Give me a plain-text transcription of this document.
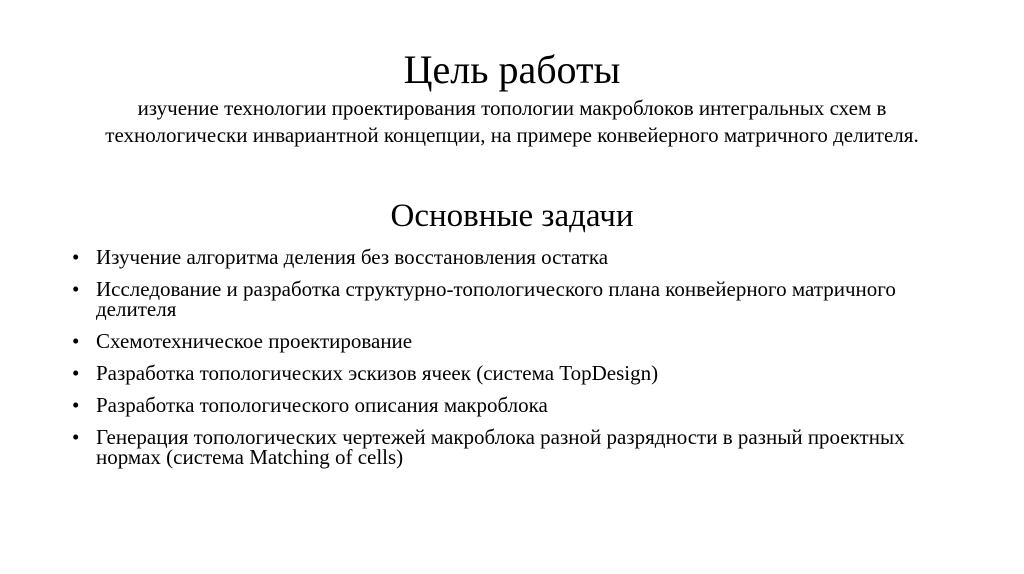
Цель работы

изучение технологии проектирования топологии макроблоков интегральных схем в технологически инвариантной концепции, на примере конвейерного матричного делителя.

Основные задачи
• Изучение алгоритма деления без восстановления остатка
• Исследование и разработка структурно-топологического плана конвейерного матричного делителя
• Схемотехническое проектирование
• Разработка топологических эскизов ячеек (система TopDesign)
• Разработка топологического описания макроблока
• Генерация топологических чертежей макроблока разной разрядности в разный проектных нормах (система Matching of cells)
